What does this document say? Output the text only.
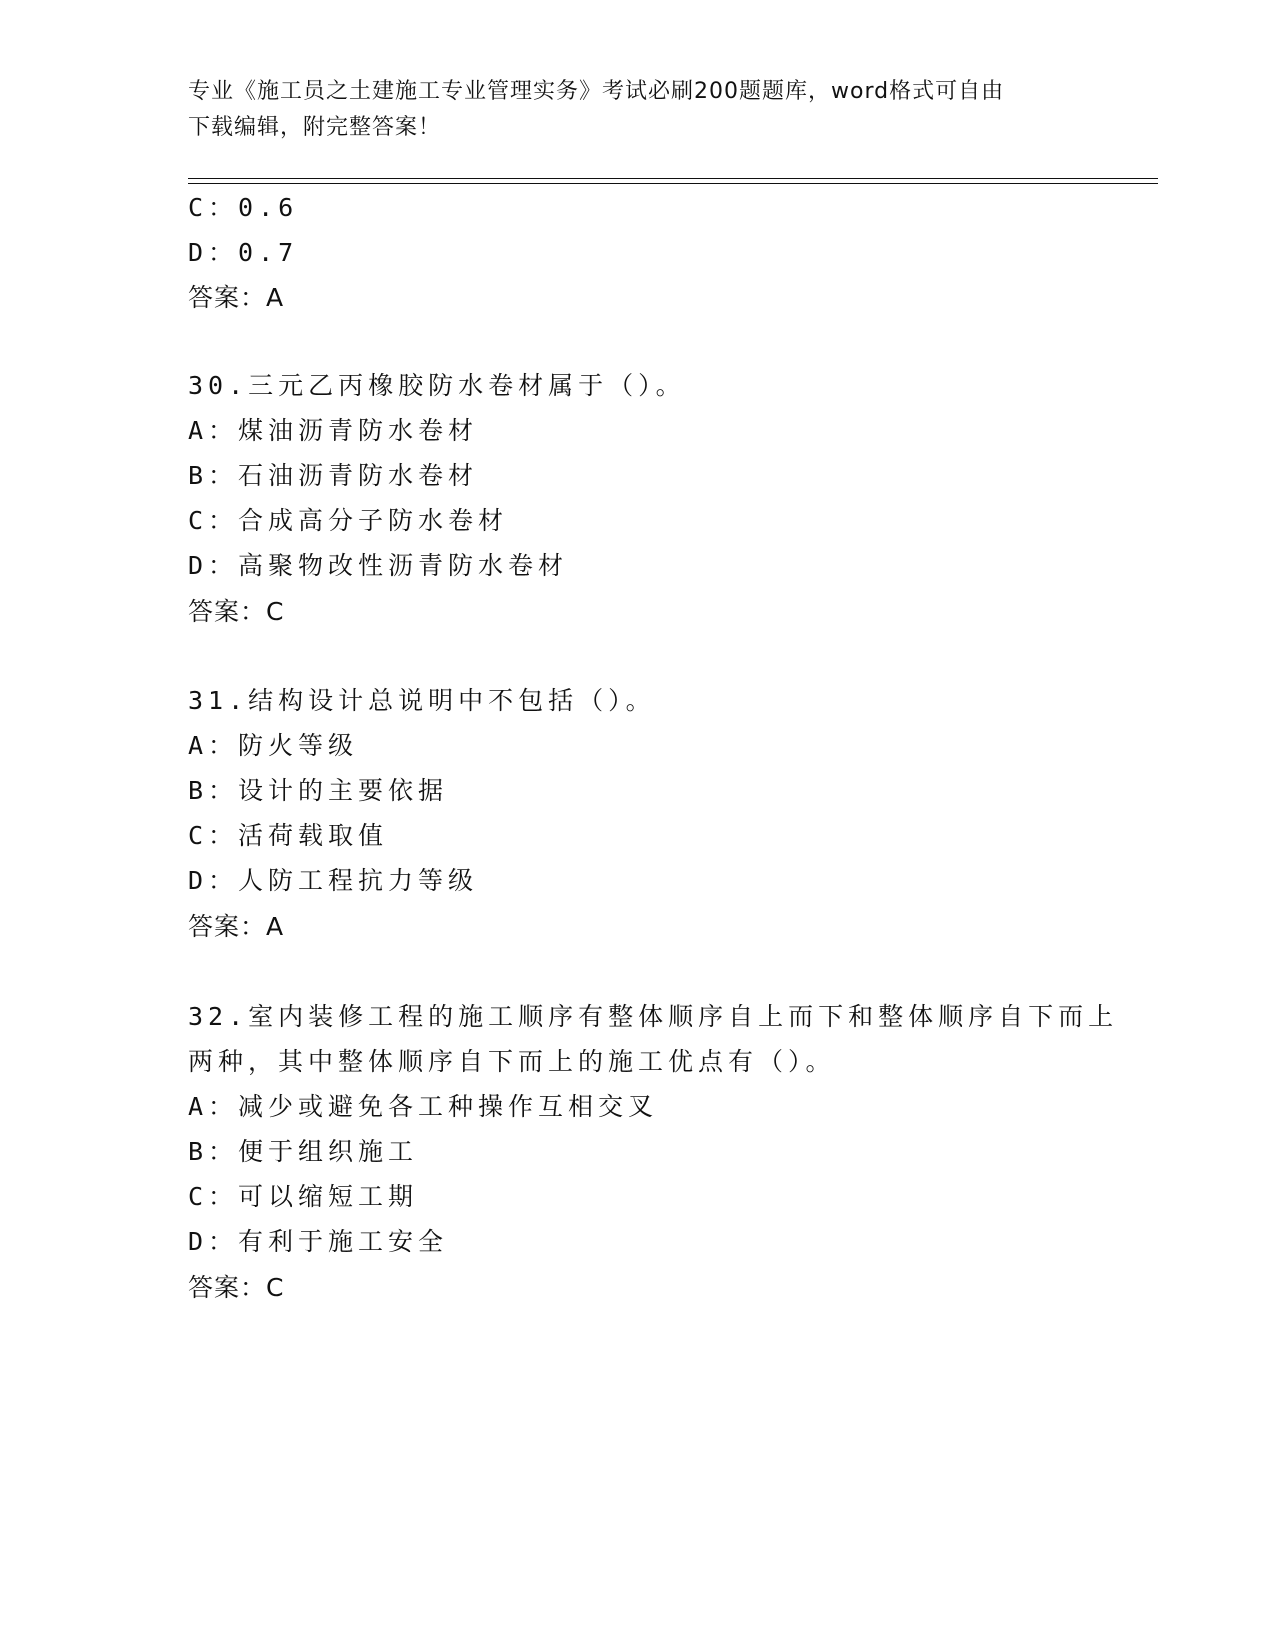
专业《施工员之土建施工专业管理实务》考试必刷200题题库，word格式可自由
下载编辑，附完整答案！
C：0.6
D：0.7
答案：A
30.三元乙丙橡胶防水卷材属于（）。
A：煤油沥青防水卷材
B：石油沥青防水卷材
C：合成高分子防水卷材
D：高聚物改性沥青防水卷材
答案：C
31.结构设计总说明中不包括（）。
A：防火等级
B：设计的主要依据
C：活荷载取值
D：人防工程抗力等级
答案：A
32.室内装修工程的施工顺序有整体顺序自上而下和整体顺序自下而上
两种，其中整体顺序自下而上的施工优点有（）。
A：减少或避免各工种操作互相交叉
B：便于组织施工
C：可以缩短工期
D：有利于施工安全
答案：C
